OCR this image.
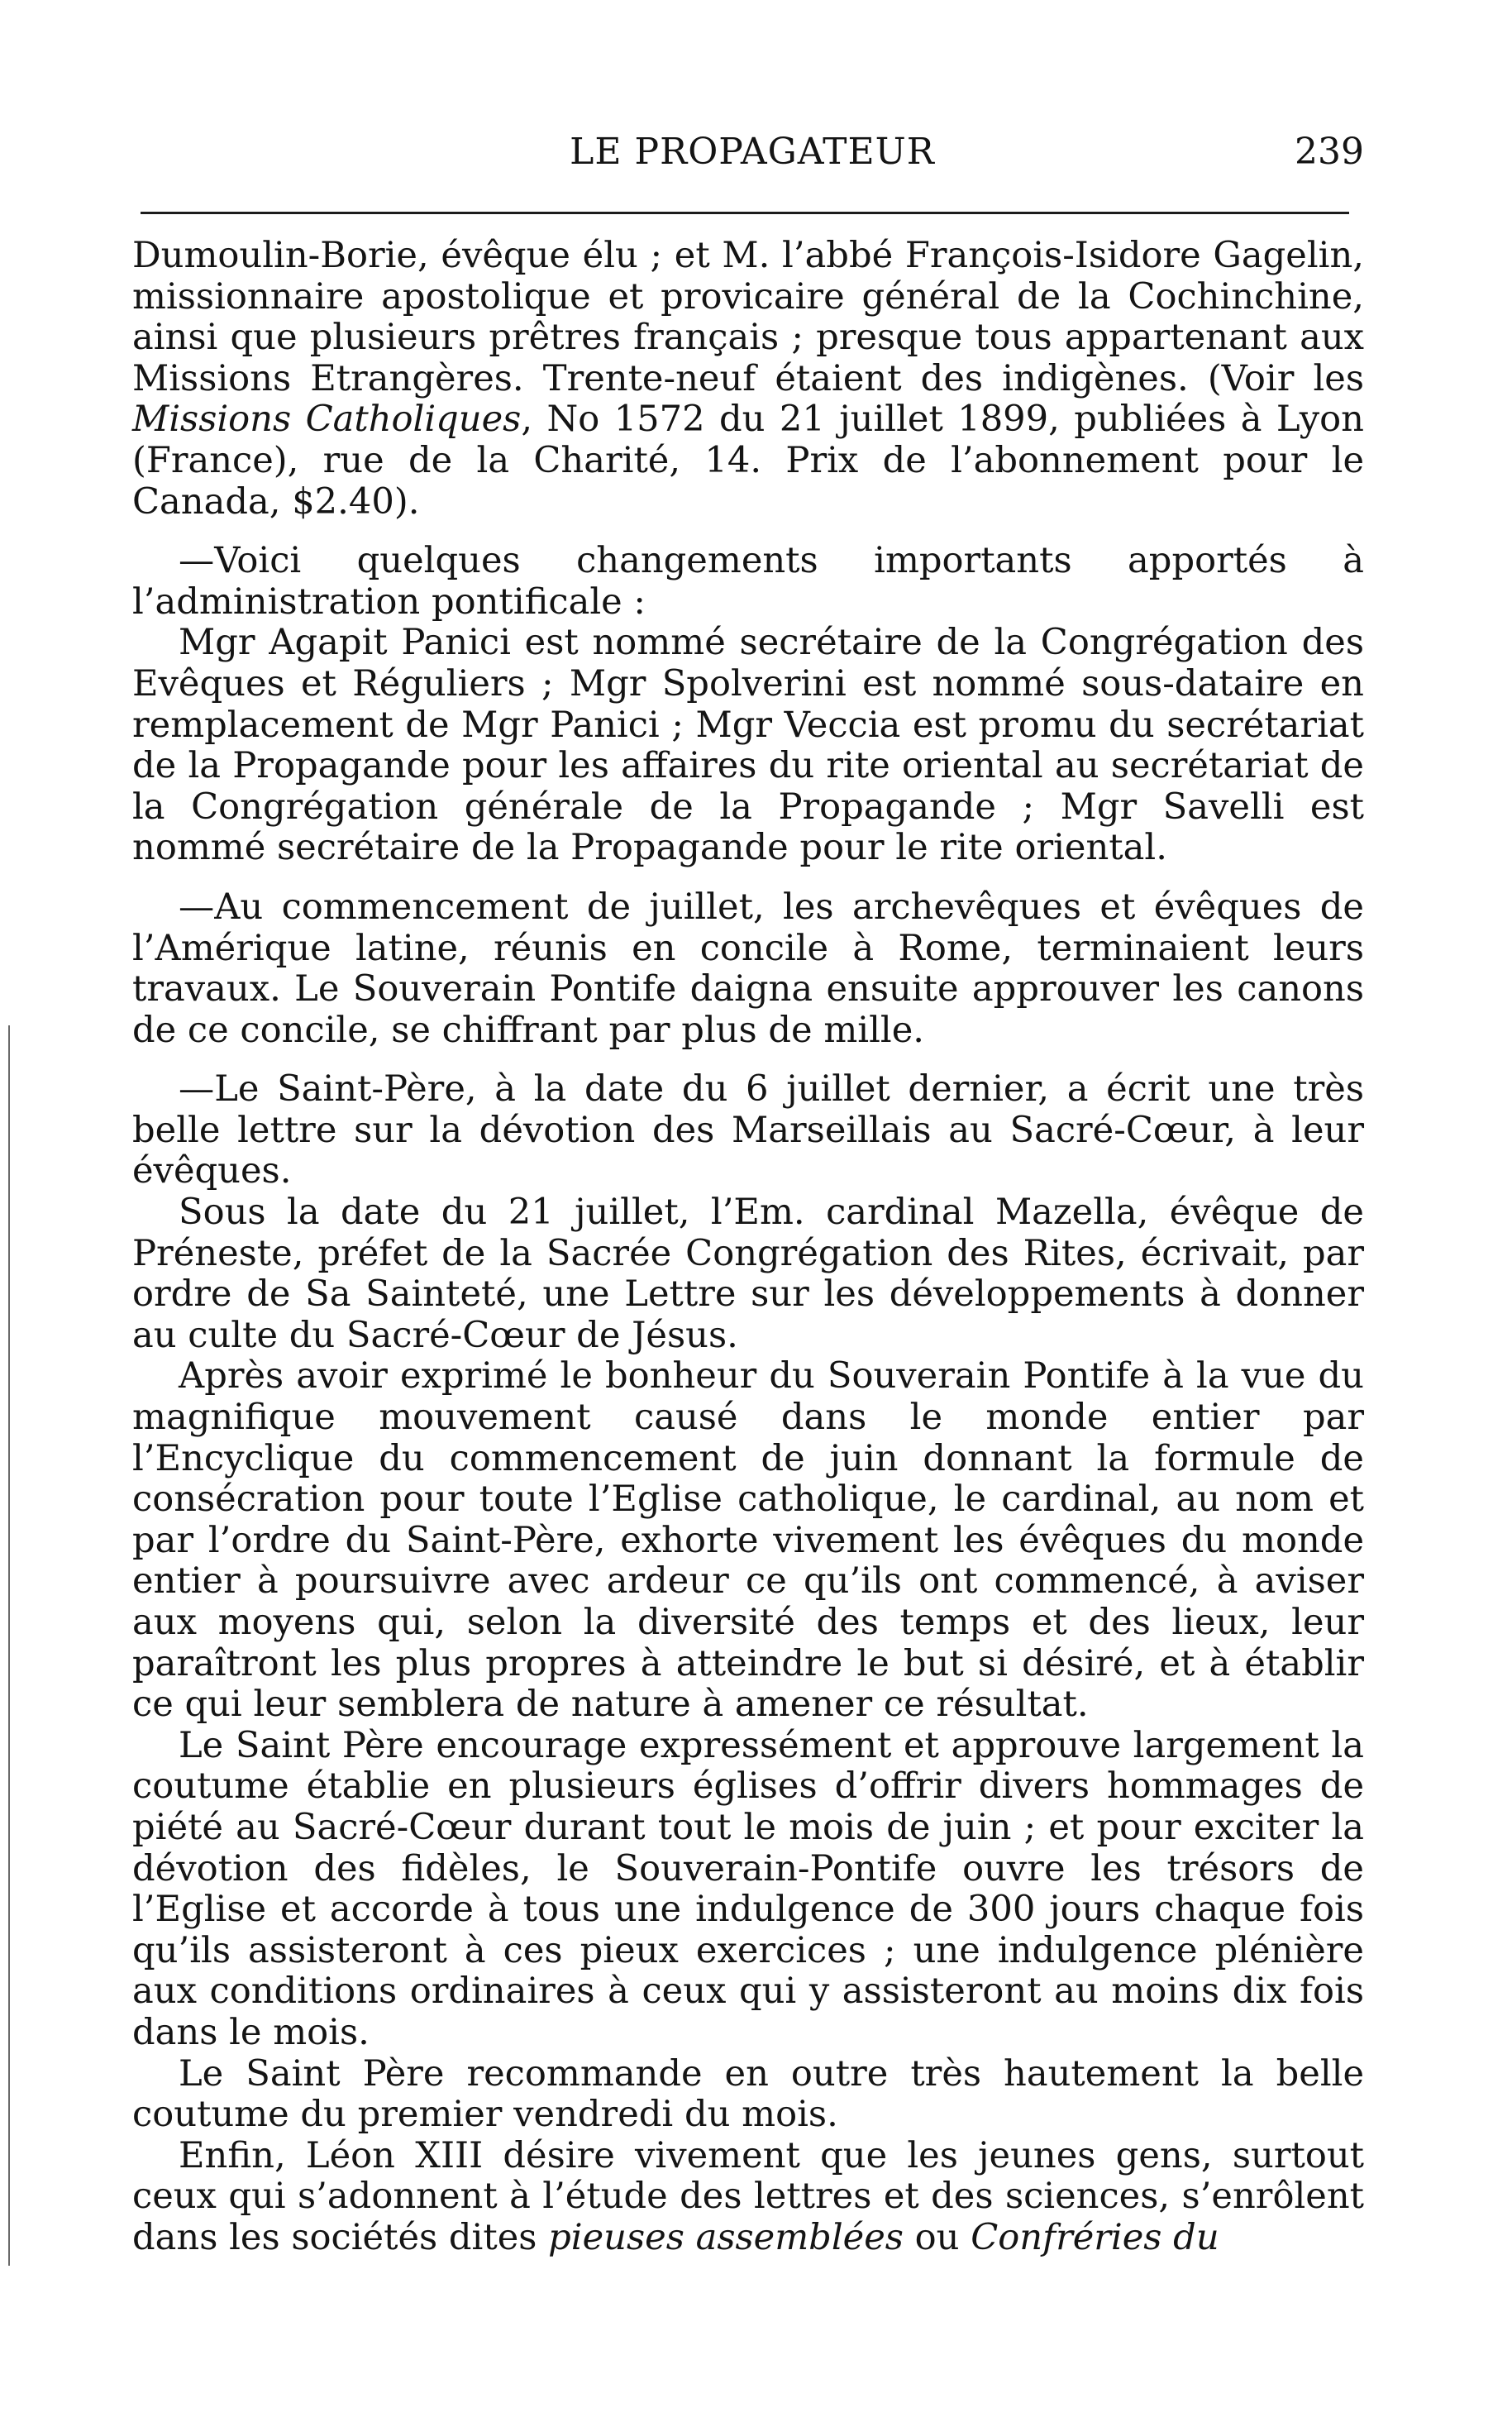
LE PROPAGATEUR	239

Dumoulin-Borie, évêque élu ; et M. l’abbé François-Isidore Gagelin, missionnaire apostolique et provicaire général de la Cochinchine, ainsi que plusieurs prêtres français ; presque tous appartenant aux Missions Etrangères. Trente-neuf étaient des indigènes. (Voir les Missions Catholiques, No 1572 du 21 juillet 1899, publiées à Lyon (France), rue de la Charité, 14. Prix de l’abonnement pour le Canada, $2.40).

—Voici quelques changements importants apportés à l’administration pontificale :

Mgr Agapit Panici est nommé secrétaire de la Congrégation des Evêques et Réguliers ; Mgr Spolverini est nommé sous-dataire en remplacement de Mgr Panici ; Mgr Veccia est promu du secrétariat de la Propagande pour les affaires du rite oriental au secrétariat de la Congrégation générale de la Propagande ; Mgr Savelli est nommé secrétaire de la Propagande pour le rite oriental.

—Au commencement de juillet, les archevêques et évêques de l’Amérique latine, réunis en concile à Rome, terminaient leurs travaux. Le Souverain Pontife daigna ensuite approuver les canons de ce concile, se chiffrant par plus de mille.

—Le Saint-Père, à la date du 6 juillet dernier, a écrit une très belle lettre sur la dévotion des Marseillais au Sacré-Cœur, à leur évêques.

Sous la date du 21 juillet, l’Em. cardinal Mazella, évêque de Préneste, préfet de la Sacrée Congrégation des Rites, écrivait, par ordre de Sa Sainteté, une Lettre sur les développements à donner au culte du Sacré-Cœur de Jésus.

Après avoir exprimé le bonheur du Souverain Pontife à la vue du magnifique mouvement causé dans le monde entier par l’Encyclique du commencement de juin donnant la formule de consécration pour toute l’Eglise catholique, le cardinal, au nom et par l’ordre du Saint-Père, exhorte vivement les évêques du monde entier à poursuivre avec ardeur ce qu’ils ont commencé, à aviser aux moyens qui, selon la diversité des temps et des lieux, leur paraîtront les plus propres à atteindre le but si désiré, et à établir ce qui leur semblera de nature à amener ce résultat.

Le Saint Père encourage expressément et approuve largement la coutume établie en plusieurs églises d’offrir divers hommages de piété au Sacré-Cœur durant tout le mois de juin ; et pour exciter la dévotion des fidèles, le Souverain-Pontife ouvre les trésors de l’Eglise et accorde à tous une indulgence de 300 jours chaque fois qu’ils assisteront à ces pieux exercices ; une indulgence plénière aux conditions ordinaires à ceux qui y assisteront au moins dix fois dans le mois.

Le Saint Père recommande en outre très hautement la belle coutume du premier vendredi du mois.

Enfin, Léon XIII désire vivement que les jeunes gens, surtout ceux qui s’adonnent à l’étude des lettres et des sciences, s’enrôlent dans les sociétés dites pieuses assemblées ou Confréries du
